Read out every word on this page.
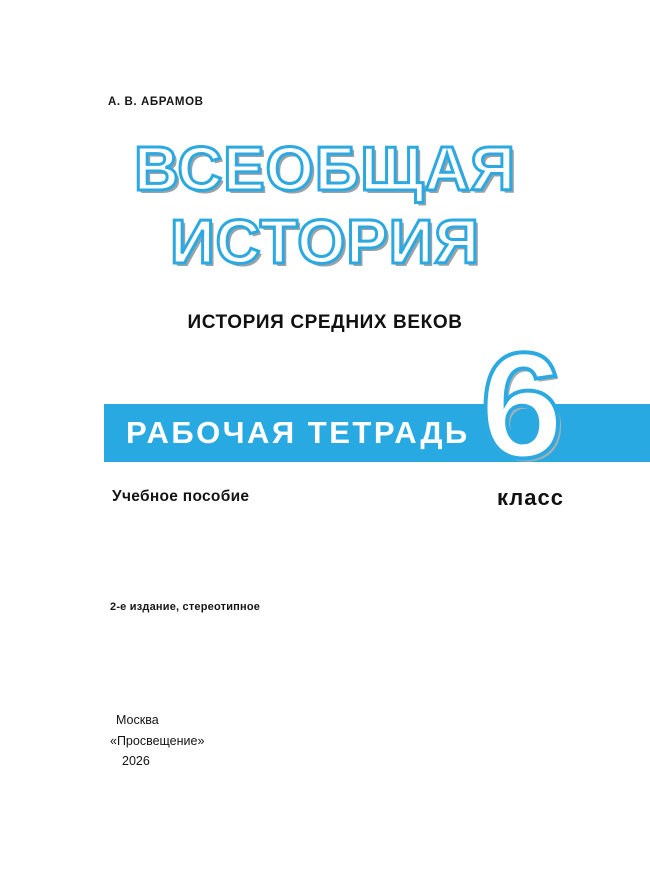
А. В. АБРАМОВ
ВСЕОБЩАЯ
ИСТОРИЯ
ИСТОРИЯ СРЕДНИХ ВЕКОВ
РАБОЧАЯ ТЕТРАДЬ 6
класс
Учебное пособие
2-е издание, стереотипное
Москва
«Просвещение»
2026
